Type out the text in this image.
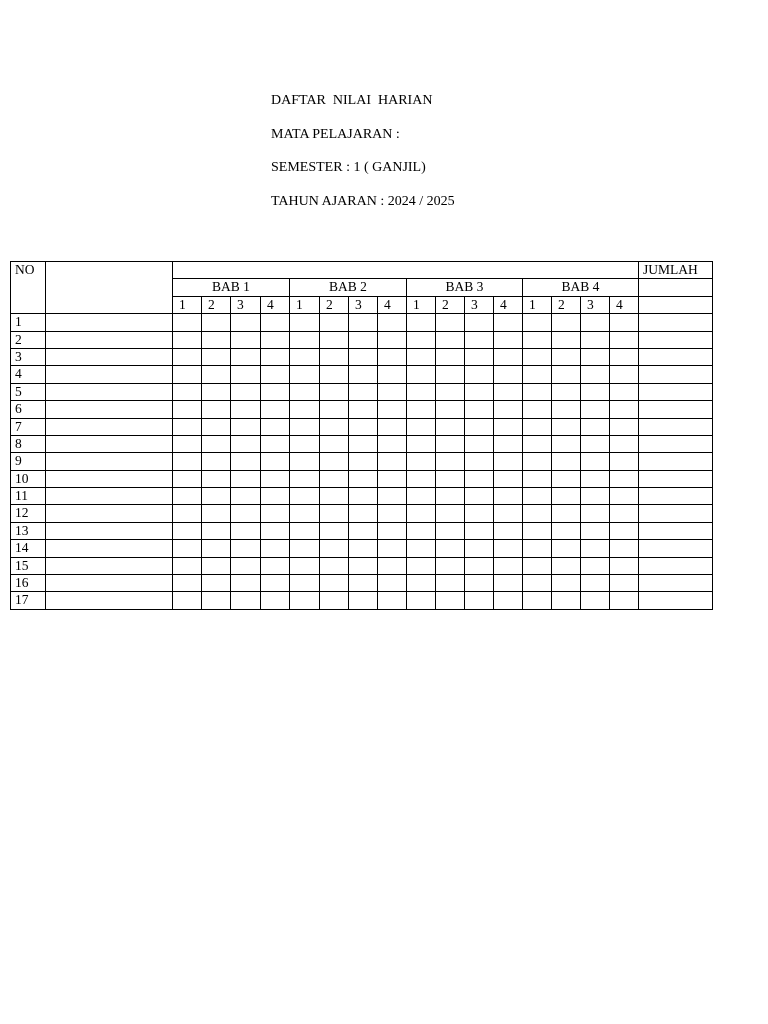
DAFTAR  NILAI  HARIAN
MATA PELAJARAN :
SEMESTER : 1 ( GANJIL)
TAHUN AJARAN : 2024 / 2025
NO																		JUMLAH
		BAB 1				BAB 2				BAB 3				BAB 4				
		1	2	3	4	1	2	3	4	1	2	3	4	1	2	3	4	
1																		
2																		
3																		
4																		
5																		
6																		
7																		
8																		
9																		
10																		
11																		
12																		
13																		
14																		
15																		
16																		
17																		
